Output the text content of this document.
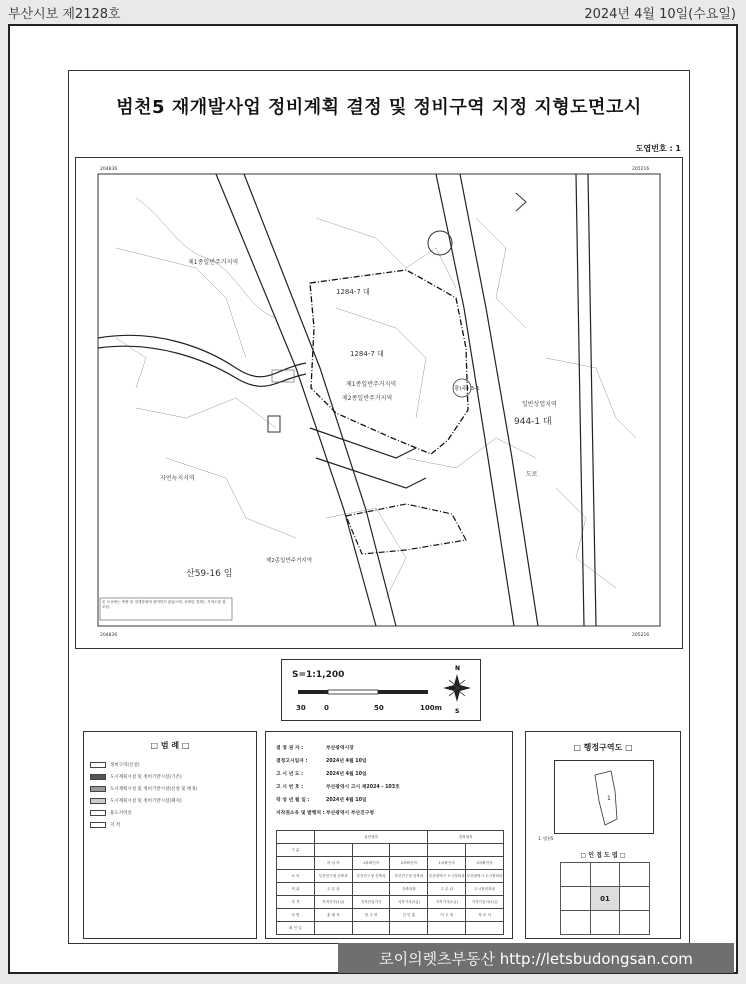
부산시보 제2128호	2024년 4월 10일(수요일)
범천5 재개발사업 정비계획 결정 및 정비구역 지정 지형도면고시
도엽번호 : 1
제1종일반주거지역
제1종일반주거지역
제2종일반주거지역
자연녹지지역
일반상업지역
제2종일반주거지역
1284-7 대
1284-7 대
944-1 대
산59-16 임
도로
광(주) 3-1
204836	205216
204836	205216
본 도서에는 측량 및 경계결정에 참여하지 않았으며, 상세한 경계는 지적도를 참조함.
S=1:1,200
N
S
30	0	50	100m
□ 범 례 □
정비구역(신설)
도시계획시설 및 정비기반시설(기존)
도시계획시설 및 정비기반시설(신설 및 변경)
도시계획시설 및 정비기반시설(폐지)
용도지역선
지 적
결 정 권 자 :	부산광역시장
결정고시일자 :	2024년 4월 10일
고 시 년 도 :	2024년 4월 10일
고 시 번 호 :	부산광역시 고시 제2024 - 103호
작 성 년 월 일 :	2024년 4월 10일
지작권소유 및 발행처 :부산광역시 부산진구청
	입안권자			결정권자	
구 분					
	작 성 자	1차확인자	2차확인자	1차확인자	2차확인자
소 속	부산진구청 건축과	부산진구청 건축과	부산진구청 건축과	부산광역시 도시정비과	부산광역시 도시정비과
직 위	주 무 관		건축과장	주 무 관	도시정비과장
자 격	지적기사(1급)	지적산업기사	지적기사(1급)	지적기사(1급)	지적기술사(1급)
성 명	홍 예 지	한 주 연	김 민 훈	이 주 정	정 호 석
확 인 일					
□ 행정구역도 □
1
1. 범천5
□ 인 접 도 엽 □

	01	

로이의렛츠부동산 http://letsbudongsan.com
